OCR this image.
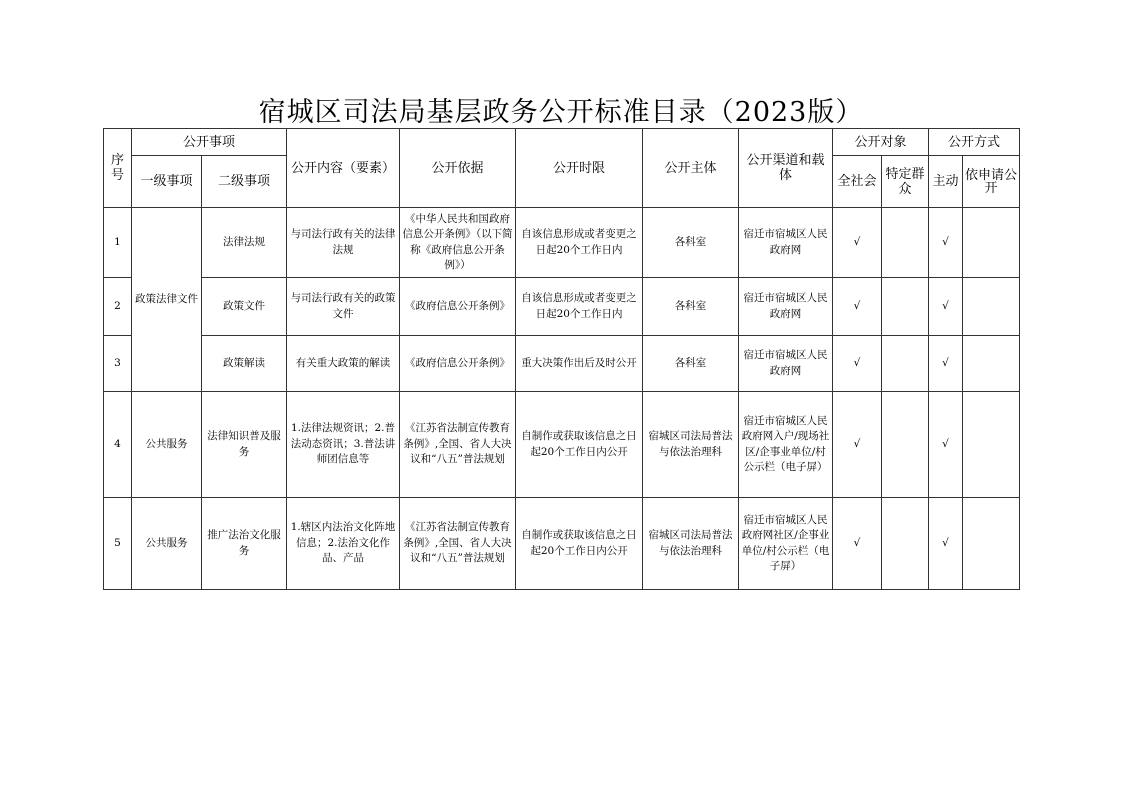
宿城区司法局基层政务公开标准目录（2023版）
序号	公开事项		公开内容（要素）	公开依据	公开时限	公开主体	公开渠道和载体	公开对象		公开方式	
	一级事项	二级事项						全社会	特定群众	主动	依申请公开
1	政策法律文件	法律法规	与司法行政有关的法律法规	《中华人民共和国政府信息公开条例》（以下简称《政府信息公开条例》）	自该信息形成或者变更之日起20个工作日内	各科室	宿迁市宿城区人民政府网	√		√	
2		政策文件	与司法行政有关的政策文件	《政府信息公开条例》	自该信息形成或者变更之日起20个工作日内	各科室	宿迁市宿城区人民政府网	√		√	
3		政策解读	有关重大政策的解读	《政府信息公开条例》	重大决策作出后及时公开	各科室	宿迁市宿城区人民政府网	√		√	
4	公共服务	法律知识普及服务	1.法律法规资讯；2.普法动态资讯；3.普法讲师团信息等	《江苏省法制宣传教育条例》,全国、省人大决议和“八五”普法规划	自制作或获取该信息之日起20个工作日内公开	宿城区司法局普法与依法治理科	宿迁市宿城区人民政府网入户/现场社区/企事业单位/村公示栏（电子屏）	√		√	
5	公共服务	推广法治文化服务	1.辖区内法治文化阵地信息；2.法治文化作品、产品	《江苏省法制宣传教育条例》,全国、省人大决议和“八五”普法规划	自制作或获取该信息之日起20个工作日内公开	宿城区司法局普法与依法治理科	宿迁市宿城区人民政府网社区/企事业单位/村公示栏（电子屏）	√		√	
